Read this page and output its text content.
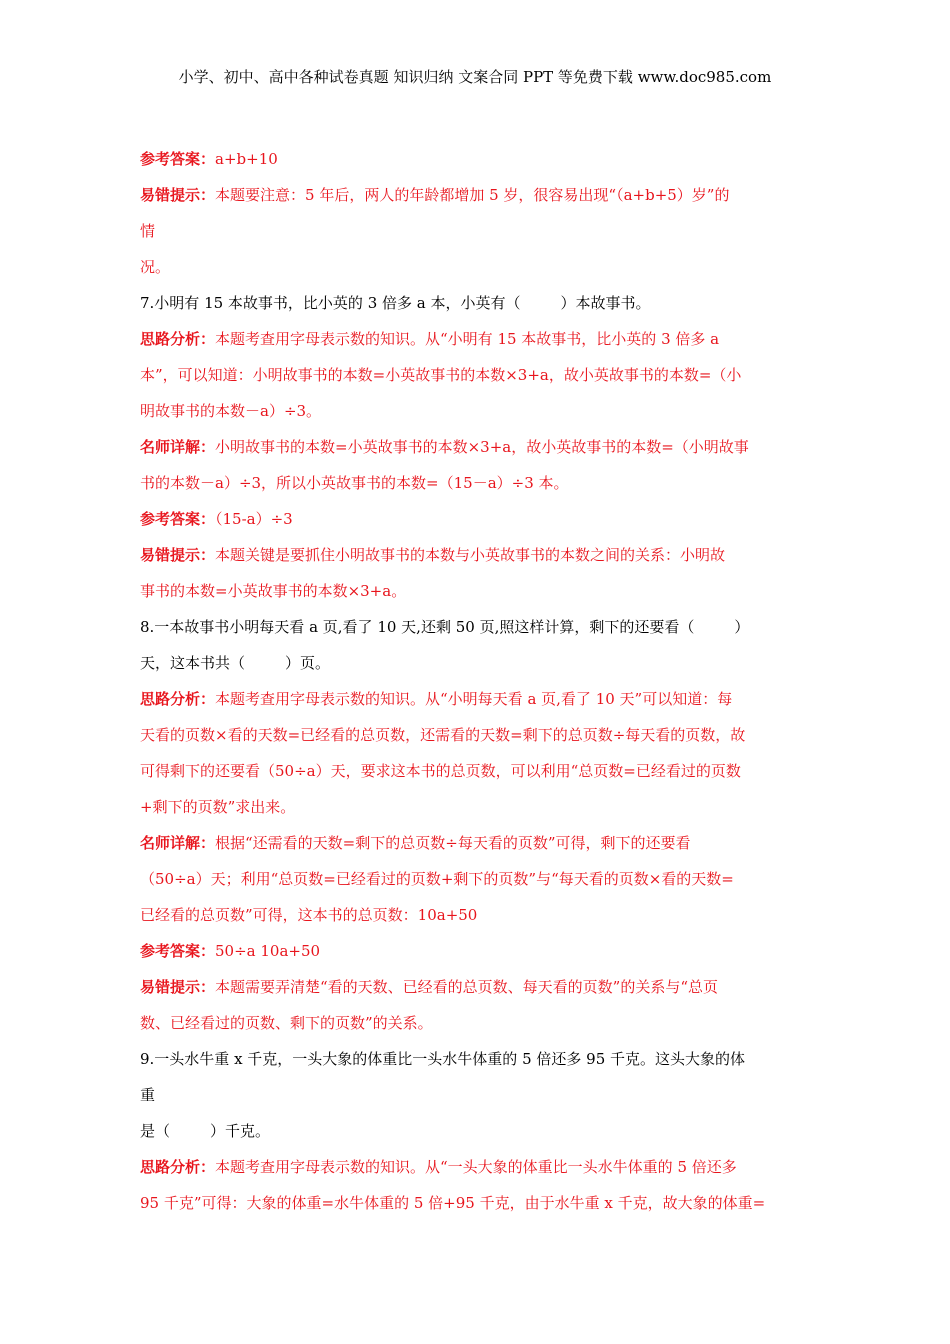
小学、初中、高中各种试卷真题 知识归纳 文案合同 PPT 等免费下载 www.doc985.com

参考答案：a+b+10

易错提示：本题要注意：5 年后，两人的年龄都增加 5 岁，很容易出现“（a+b+5）岁”的

情

况。

7.小明有 15 本故事书，比小英的 3 倍多 a 本，小英有（	）本故事书。

思路分析：本题考查用字母表示数的知识。从“小明有 15 本故事书，比小英的 3 倍多 a

本”，可以知道：小明故事书的本数=小英故事书的本数×3+a，故小英故事书的本数=（小

明故事书的本数－a）÷3。

名师详解：小明故事书的本数=小英故事书的本数×3+a，故小英故事书的本数=（小明故事

书的本数－a）÷3，所以小英故事书的本数=（15－a）÷3 本。

参考答案：（15-a）÷3

易错提示：本题关键是要抓住小明故事书的本数与小英故事书的本数之间的关系：小明故

事书的本数=小英故事书的本数×3+a。

8.一本故事书小明每天看 a 页,看了 10 天,还剩 50 页,照这样计算，剩下的还要看（	）

天，这本书共（	）页。

思路分析：本题考查用字母表示数的知识。从“小明每天看 a 页,看了 10 天”可以知道：每

天看的页数×看的天数=已经看的总页数，还需看的天数=剩下的总页数÷每天看的页数，故

可得剩下的还要看（50÷a）天，要求这本书的总页数，可以利用“总页数=已经看过的页数

+剩下的页数”求出来。

名师详解：根据“还需看的天数=剩下的总页数÷每天看的页数”可得，剩下的还要看

（50÷a）天；利用“总页数=已经看过的页数+剩下的页数”与“每天看的页数×看的天数=

已经看的总页数”可得，这本书的总页数：10a+50

参考答案：50÷a 10a+50

易错提示：本题需要弄清楚“看的天数、已经看的总页数、每天看的页数”的关系与“总页

数、已经看过的页数、剩下的页数”的关系。

9.一头水牛重 x 千克，一头大象的体重比一头水牛体重的 5 倍还多 95 千克。这头大象的体

重

是（	）千克。

思路分析：本题考查用字母表示数的知识。从“一头大象的体重比一头水牛体重的 5 倍还多

95 千克”可得：大象的体重=水牛体重的 5 倍+95 千克，由于水牛重 x 千克，故大象的体重=
